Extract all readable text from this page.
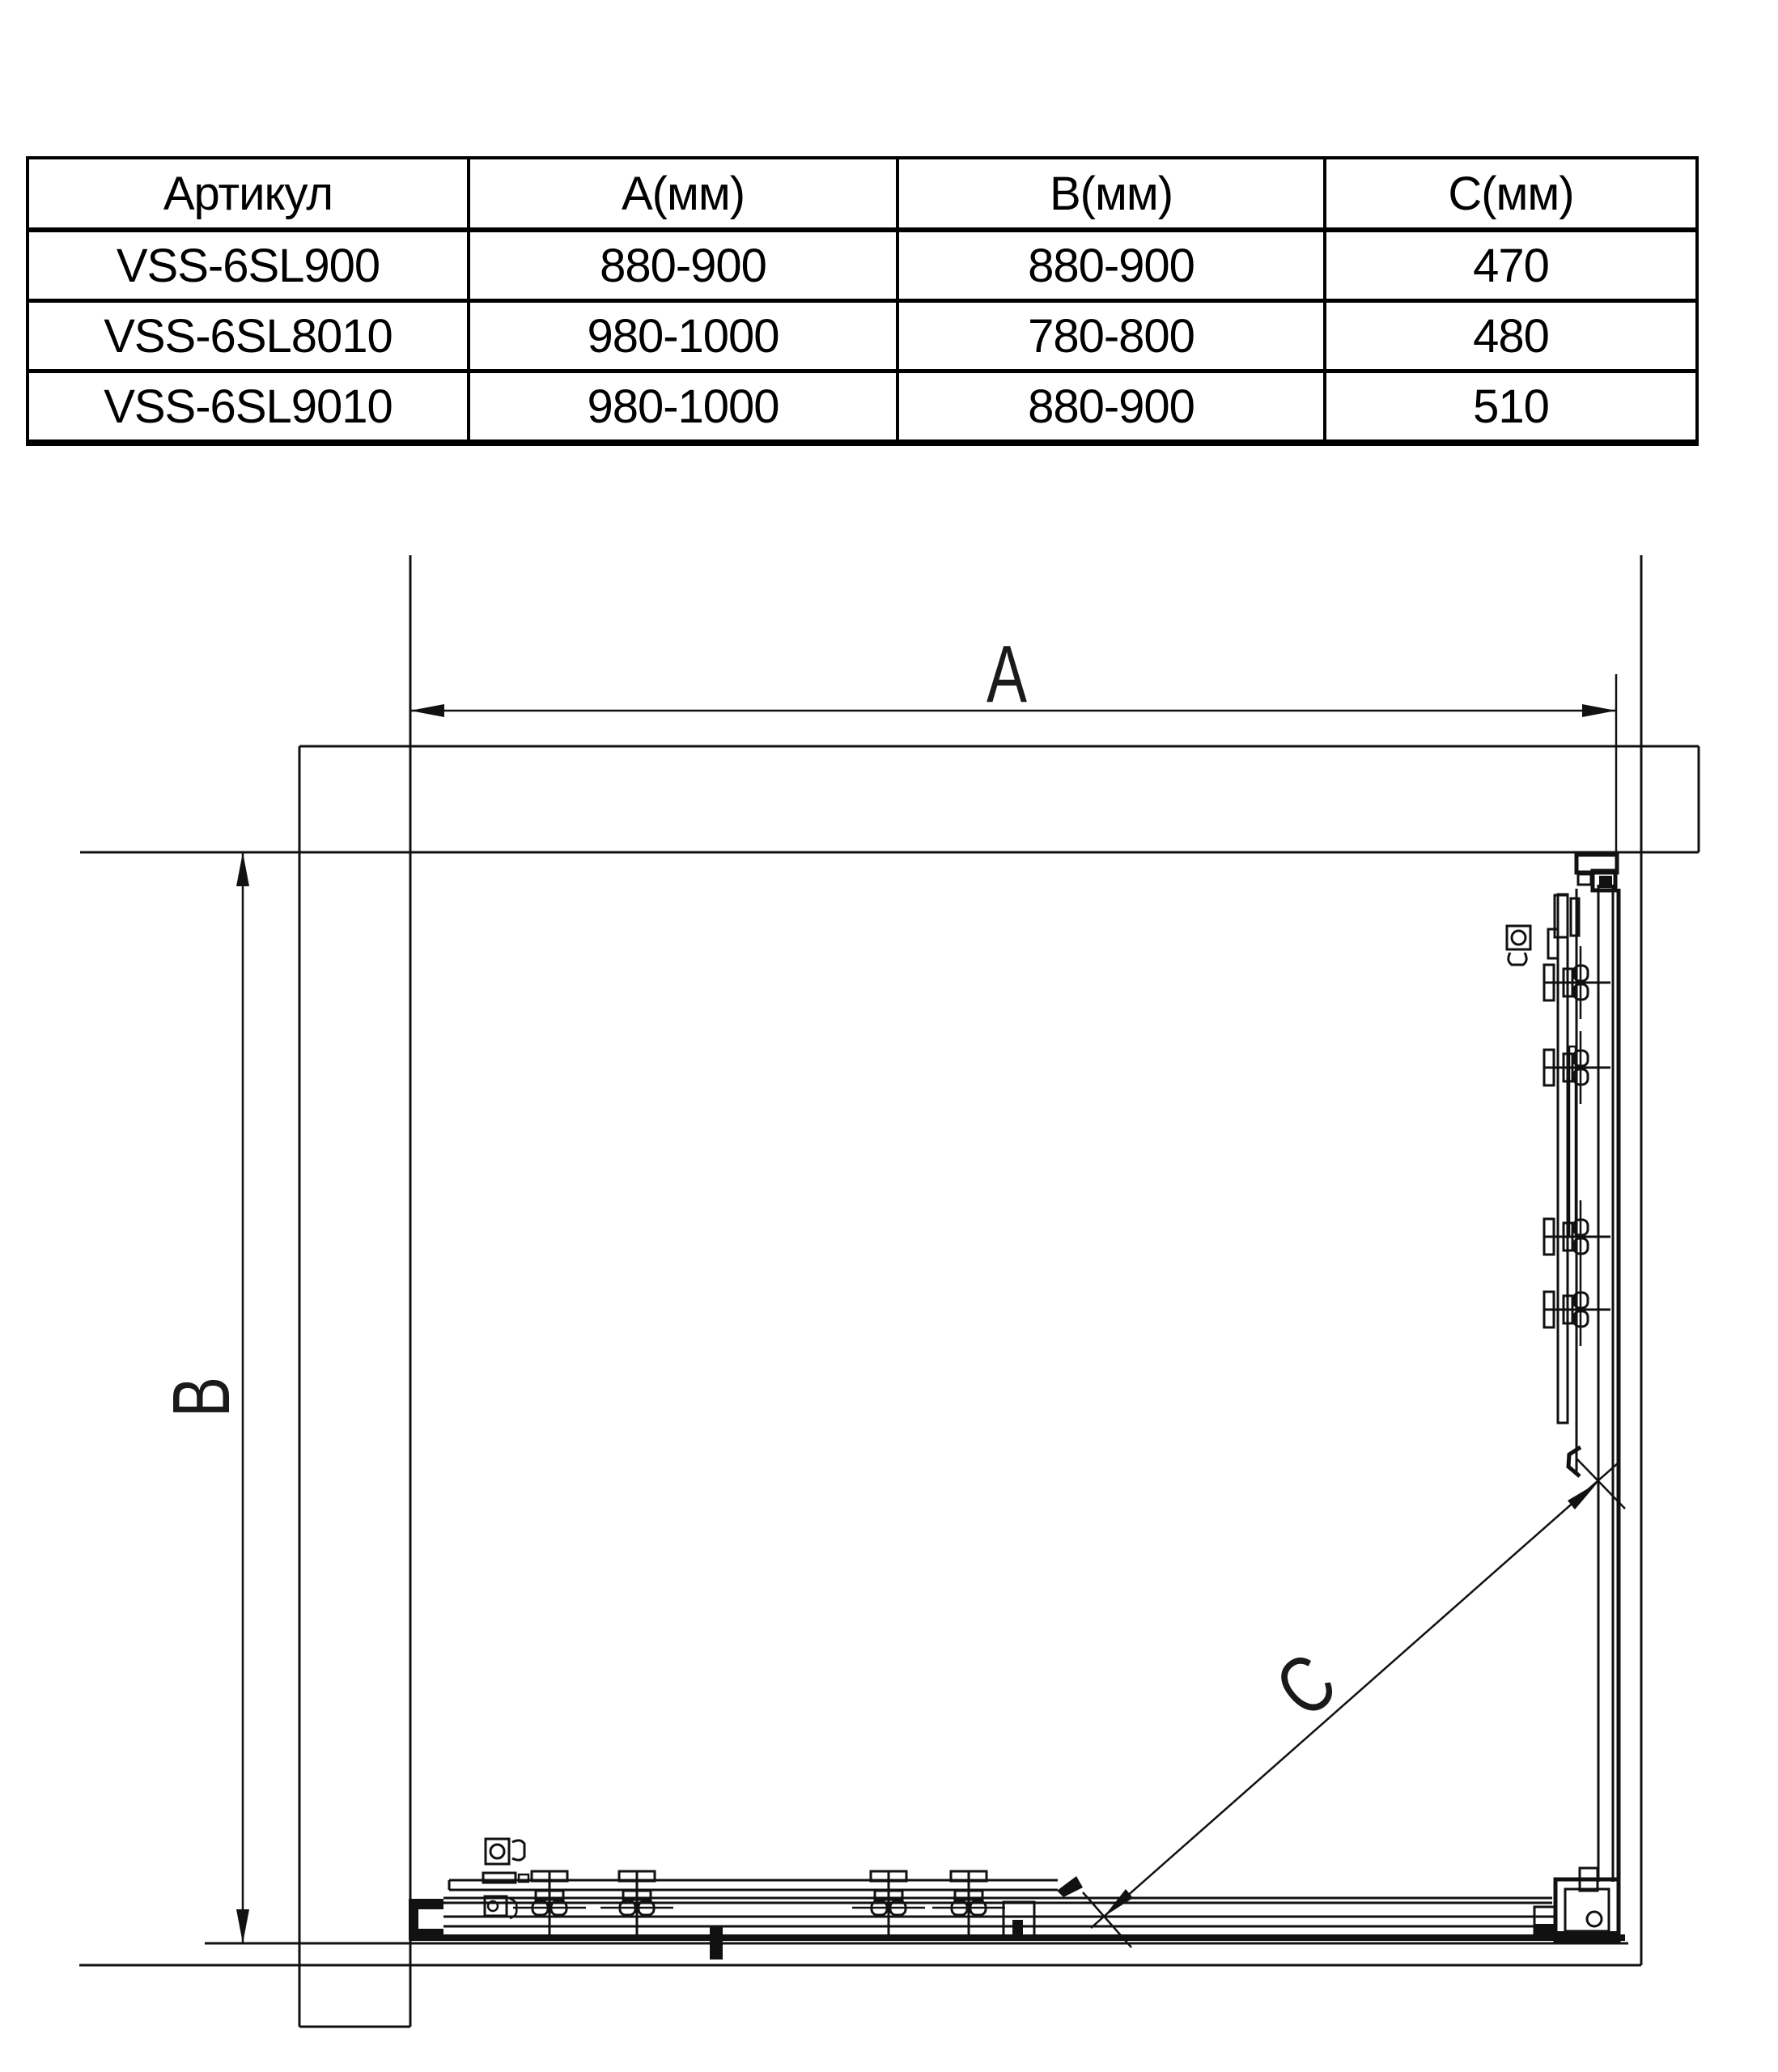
Артикул	А(мм)	В(мм)	С(мм)
VSS-6SL900	880-900	880-900	470
VSS-6SL8010	980-1000	780-800	480
VSS-6SL9010	980-1000	880-900	510
A
B
C
